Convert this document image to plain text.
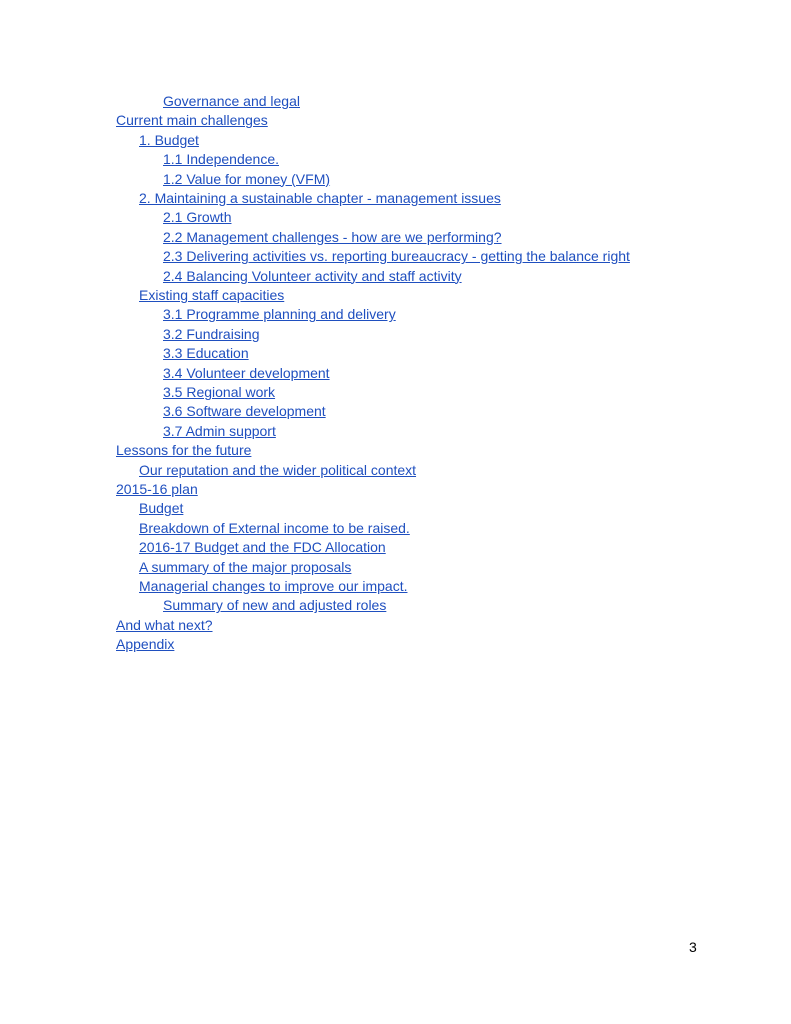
Governance and legal
Current main challenges
1. Budget
1.1 Independence.
1.2 Value for money (VFM)
2. Maintaining a sustainable chapter - management issues
2.1 Growth
2.2 Management challenges - how are we performing?
2.3 Delivering activities vs. reporting bureaucracy - getting the balance right
2.4 Balancing Volunteer activity and staff activity
Existing staff capacities
3.1 Programme planning and delivery
3.2 Fundraising
3.3 Education
3.4 Volunteer development
3.5 Regional work
3.6 Software development
3.7 Admin support
Lessons for the future
Our reputation and the wider political context
2015-16 plan
Budget
Breakdown of External income to be raised.
2016-17 Budget and the FDC Allocation
A summary of the major proposals
Managerial changes to improve our impact.
Summary of new and adjusted roles
And what next?
Appendix
3
